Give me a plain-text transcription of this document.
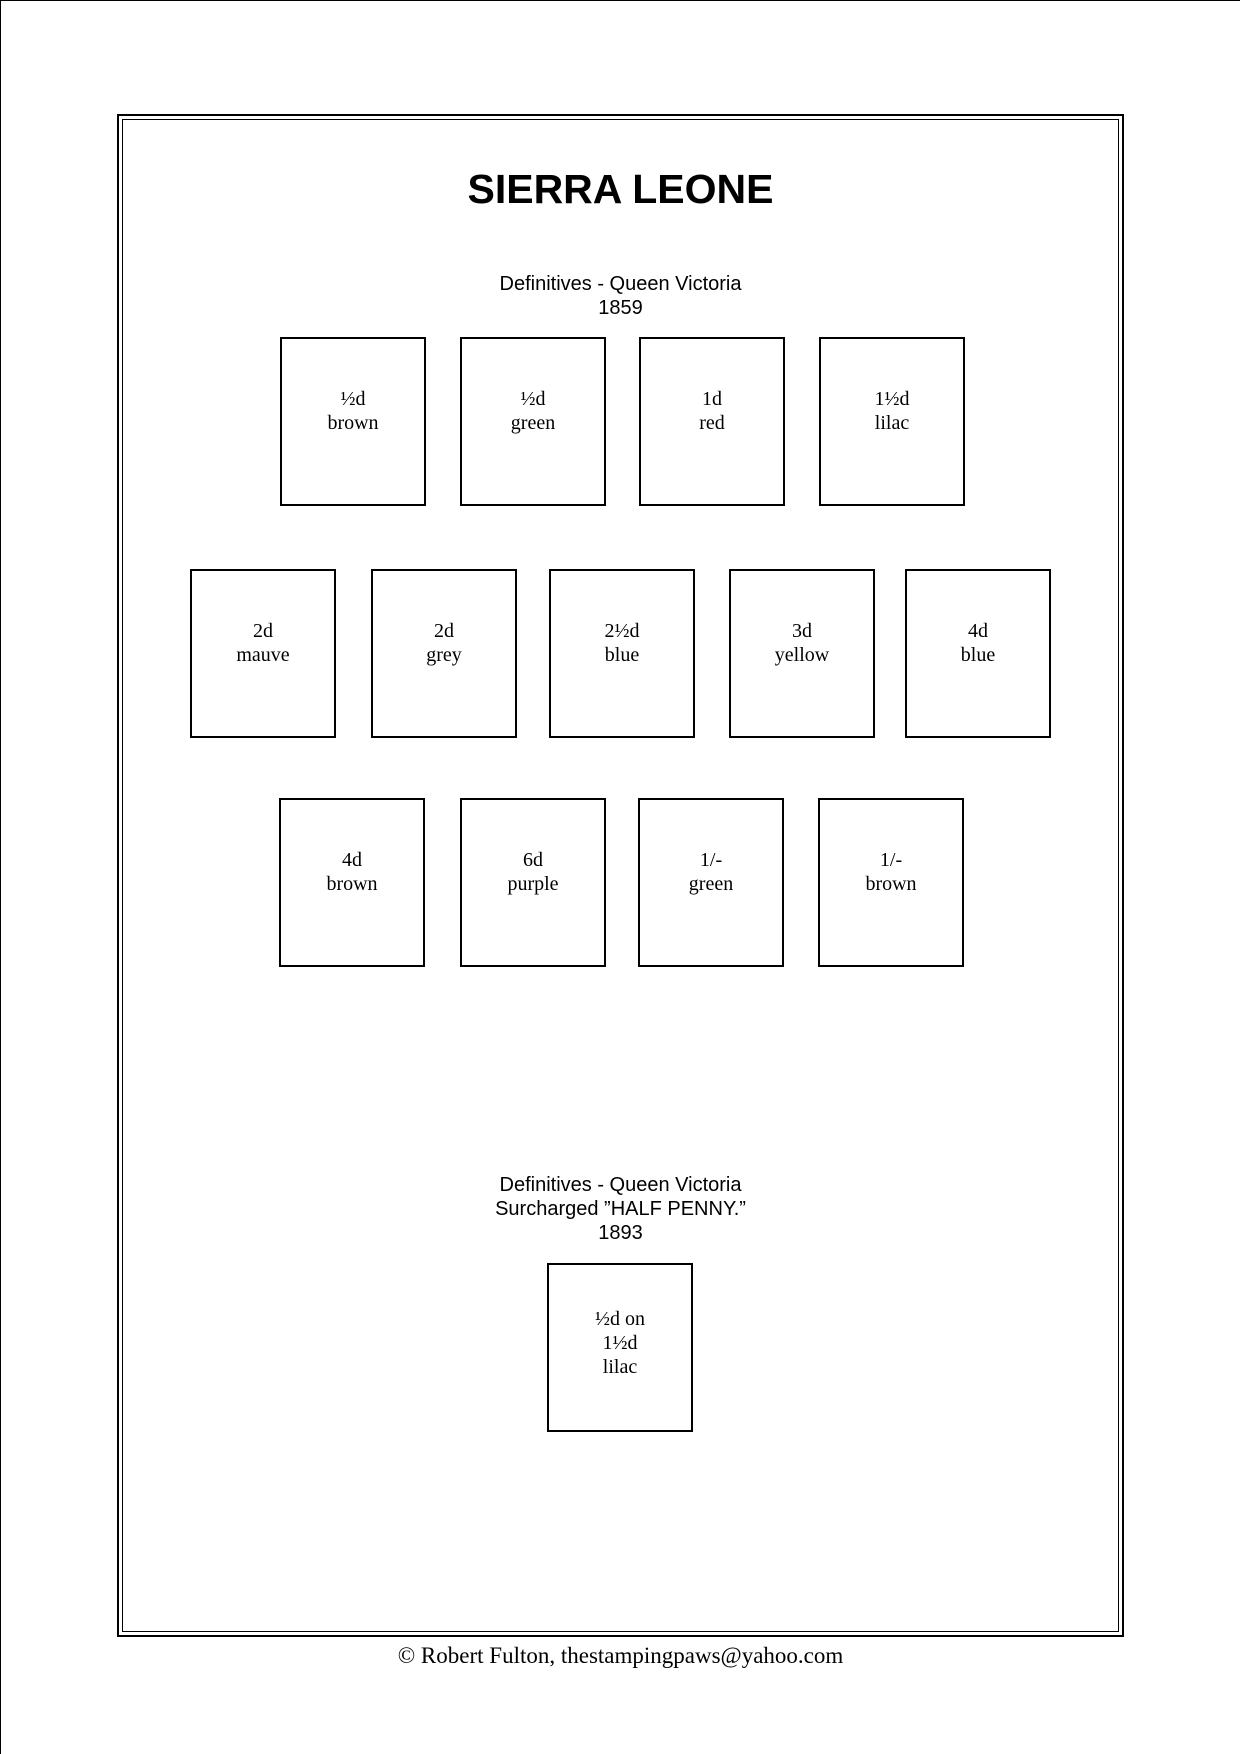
SIERRA LEONE
Definitives - Queen Victoria
1859
½d
brown
½d
green
1d
red
1½d
lilac
2d
mauve
2d
grey
2½d
blue
3d
yellow
4d
blue
4d
brown
6d
purple
1/-
green
1/-
brown
Definitives - Queen Victoria
Surcharged ”HALF PENNY.”
1893
½d on
1½d
lilac
© Robert Fulton, thestampingpaws@yahoo.com
